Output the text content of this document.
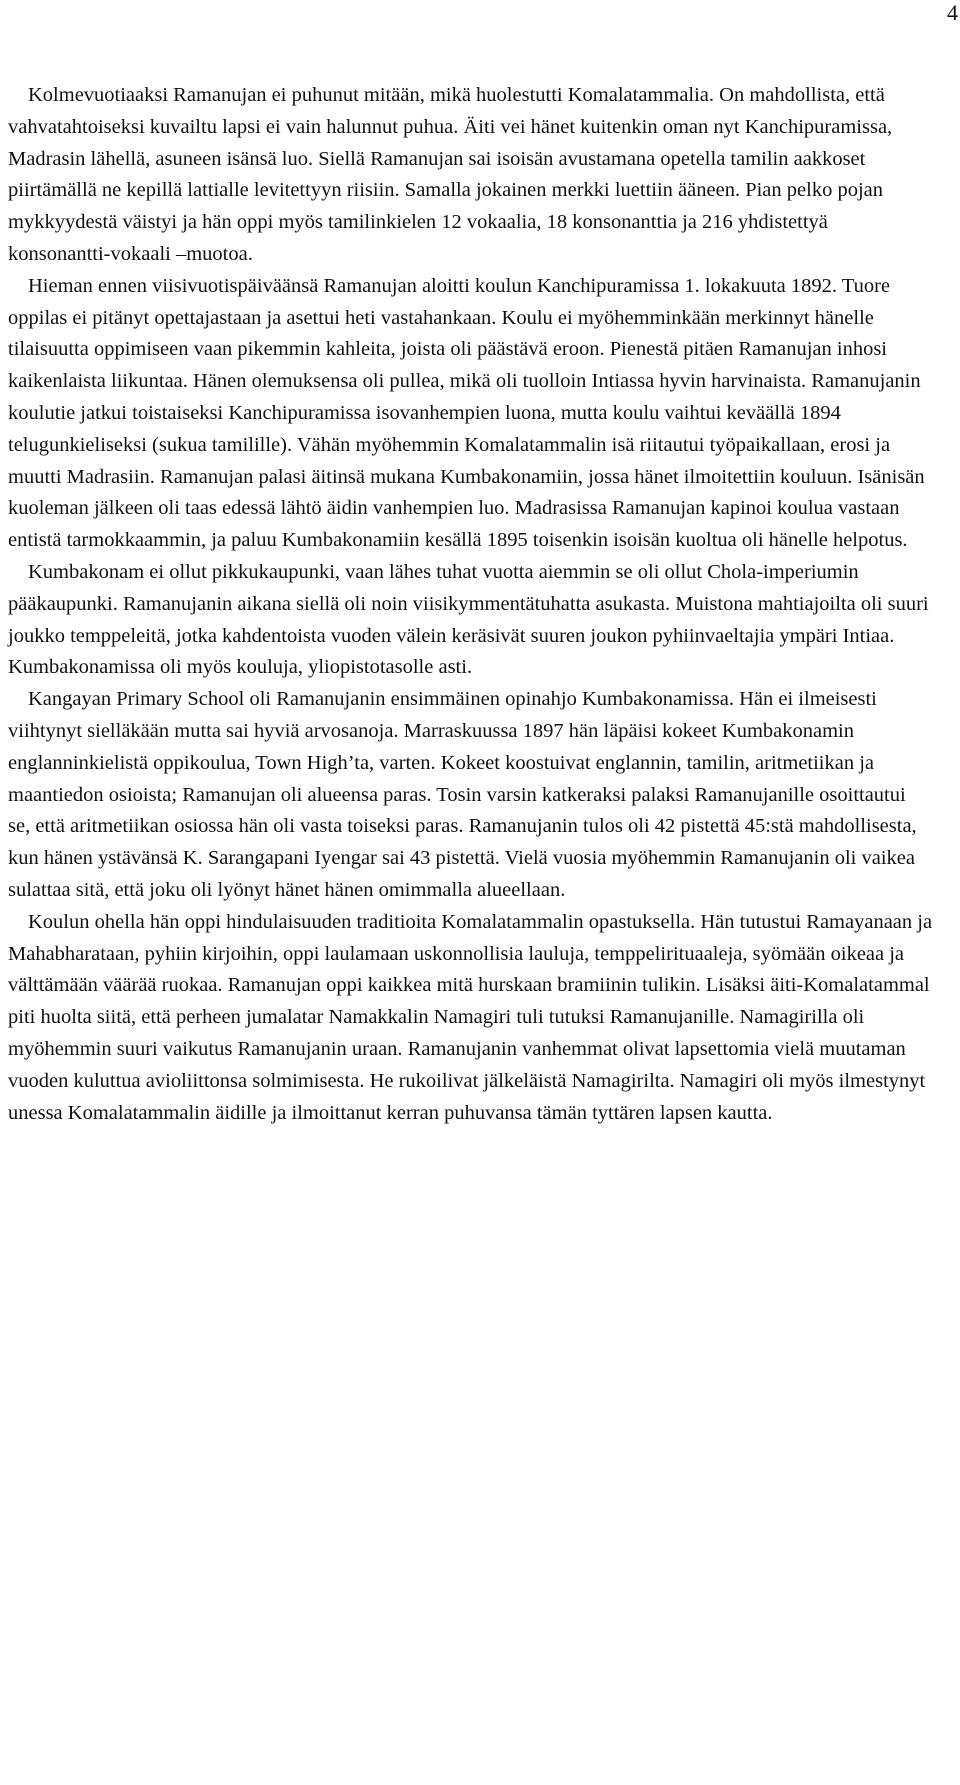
4

Kolmevuotiaaksi Ramanujan ei puhunut mitään, mikä huolestutti Komalatammalia. On mahdollista, että vahvatahtoiseksi kuvailtu lapsi ei vain halunnut puhua. Äiti vei hänet kuitenkin oman nyt Kanchipuramissa, Madrasin lähellä, asuneen isänsä luo. Siellä Ramanujan sai isoisän avustamana opetella tamilin aakkoset piirtämällä ne kepillä lattialle levitettyyn riisiin. Samalla jokainen merkki luettiin ääneen. Pian pelko pojan mykkyydestä väistyi ja hän oppi myös tamilinkielen 12 vokaalia, 18 konsonanttia ja 216 yhdistettyä konsonantti-vokaali –muotoa.

Hieman ennen viisivuotispäiväänsä Ramanujan aloitti koulun Kanchipuramissa 1. lokakuuta 1892. Tuore oppilas ei pitänyt opettajastaan ja asettui heti vastahankaan. Koulu ei myöhemminkään merkinnyt hänelle tilaisuutta oppimiseen vaan pikemmin kahleita, joista oli päästävä eroon. Pienestä pitäen Ramanujan inhosi kaikenlaista liikuntaa. Hänen olemuksensa oli pullea, mikä oli tuolloin Intiassa hyvin harvinaista. Ramanujanin koulutie jatkui toistaiseksi Kanchipuramissa isovanhempien luona, mutta koulu vaihtui keväällä 1894 telugunkieliseksi (sukua tamilille). Vähän myöhemmin Komalatammalin isä riitautui työpaikallaan, erosi ja muutti Madrasiin. Ramanujan palasi äitinsä mukana Kumbakonamiin, jossa hänet ilmoitettiin kouluun. Isänisän kuoleman jälkeen oli taas edessä lähtö äidin vanhempien luo. Madrasissa Ramanujan kapinoi koulua vastaan entistä tarmokkaammin, ja paluu Kumbakonamiin kesällä 1895 toisenkin isoisän kuoltua oli hänelle helpotus.

Kumbakonam ei ollut pikkukaupunki, vaan lähes tuhat vuotta aiemmin se oli ollut Chola-imperiumin pääkaupunki. Ramanujanin aikana siellä oli noin viisikymmentätuhatta asukasta. Muistona mahtiajoilta oli suuri joukko temppeleitä, jotka kahdentoista vuoden välein keräsivät suuren joukon pyhiinvaeltajia ympäri Intiaa. Kumbakonamissa oli myös kouluja, yliopistotasolle asti.

Kangayan Primary School oli Ramanujanin ensimmäinen opinahjo Kumbakonamissa. Hän ei ilmeisesti viihtynyt sielläkään mutta sai hyviä arvosanoja. Marraskuussa 1897 hän läpäisi kokeet Kumbakonamin englanninkielistä oppikoulua, Town High’ta, varten. Kokeet koostuivat englannin, tamilin, aritmetiikan ja maantiedon osioista; Ramanujan oli alueensa paras. Tosin varsin katkeraksi palaksi Ramanujanille osoittautui se, että aritmetiikan osiossa hän oli vasta toiseksi paras. Ramanujanin tulos oli 42 pistettä 45:stä mahdollisesta, kun hänen ystävänsä K. Sarangapani Iyengar sai 43 pistettä. Vielä vuosia myöhemmin Ramanujanin oli vaikea sulattaa sitä, että joku oli lyönyt hänet hänen omimmalla alueellaan.

Koulun ohella hän oppi hindulaisuuden traditioita Komalatammalin opastuksella. Hän tutustui Ramayanaan ja Mahabharataan, pyhiin kirjoihin, oppi laulamaan uskonnollisia lauluja, temppelirituaaleja, syömään oikeaa ja välttämään väärää ruokaa. Ramanujan oppi kaikkea mitä hurskaan bramiinin tulikin. Lisäksi äiti-Komalatammal piti huolta siitä, että perheen jumalatar Namakkalin Namagiri tuli tutuksi Ramanujanille. Namagirilla oli myöhemmin suuri vaikutus Ramanujanin uraan. Ramanujanin vanhemmat olivat lapsettomia vielä muutaman vuoden kuluttua avioliittonsa solmimisesta. He rukoilivat jälkeläistä Namagirilta. Namagiri oli myös ilmestynyt unessa Komalatammalin äidille ja ilmoittanut kerran puhuvansa tämän tyttären lapsen kautta.
